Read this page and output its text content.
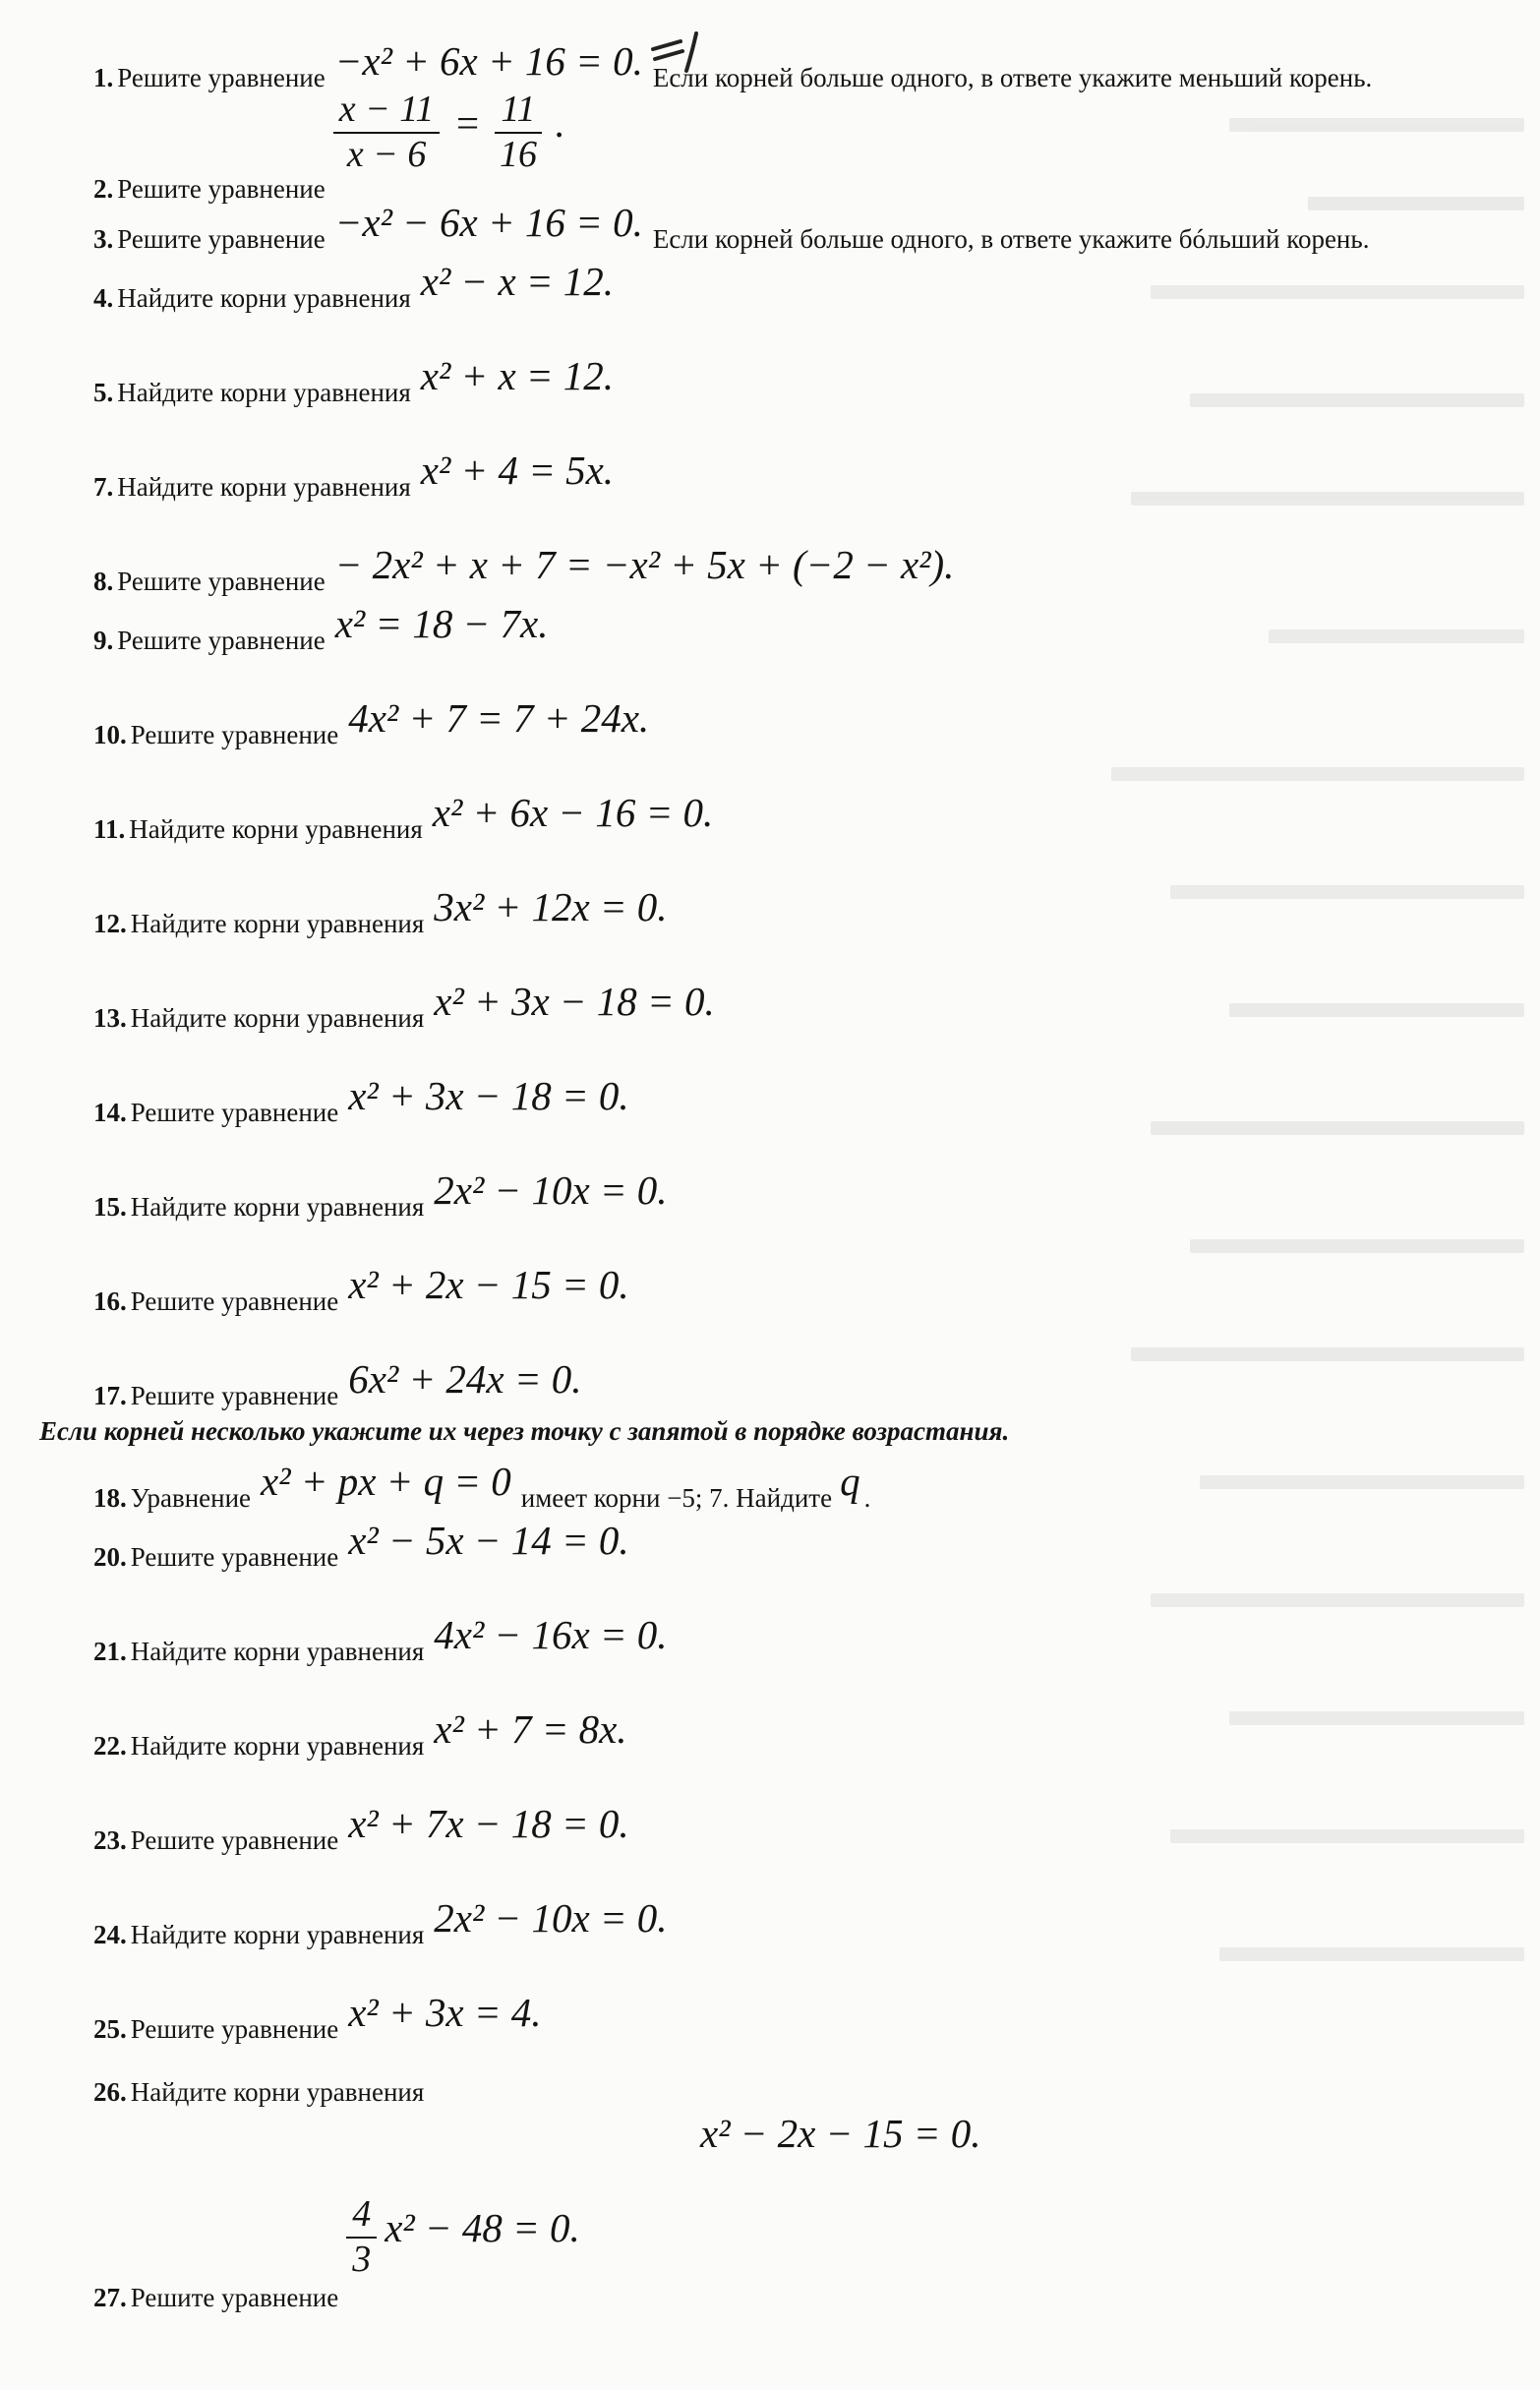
1. Решите уравнение −x² + 6x + 16 = 0. Если корней больше одного, в ответе укажите меньший корень.
2. Решите уравнение
$\frac{x - 11}{x - 6} = \frac{11}{16}$ .
3. Решите уравнение −x² − 6x + 16 = 0. Если корней больше одного, в ответе укажите бóльший корень.
4. Найдите корни уравнения x² − x = 12.
5. Найдите корни уравнения x² + x = 12.
7. Найдите корни уравнения x² + 4 = 5x.
8. Решите уравнение − 2x² + x + 7 = −x² + 5x + (−2 − x²).
9. Решите уравнение x² = 18 − 7x.
10. Решите уравнение 4x² + 7 = 7 + 24x.
11. Найдите корни уравнения x² + 6x − 16 = 0.
12. Найдите корни уравнения 3x² + 12x = 0.
13. Найдите корни уравнения x² + 3x − 18 = 0.
14. Решите уравнение x² + 3x − 18 = 0.
15. Найдите корни уравнения 2x² − 10x = 0.
16. Решите уравнение x² + 2x − 15 = 0.
17. Решите уравнение 6x² + 24x = 0.
Если корней несколько укажите их через точку с запятой в порядке возрастания.
18. Уравнение x² + px + q = 0 имеет корни −5; 7. Найдите q .
20. Решите уравнение x² − 5x − 14 = 0.
21. Найдите корни уравнения 4x² − 16x = 0.
22. Найдите корни уравнения x² + 7 = 8x.
23. Решите уравнение x² + 7x − 18 = 0.
24. Найдите корни уравнения 2x² − 10x = 0.
25. Решите уравнение x² + 3x = 4.
26. Найдите корни уравнения
x² − 2x − 15 = 0.
27. Решите уравнение
$\frac{4}{3} x^2 - 48 = 0$.
